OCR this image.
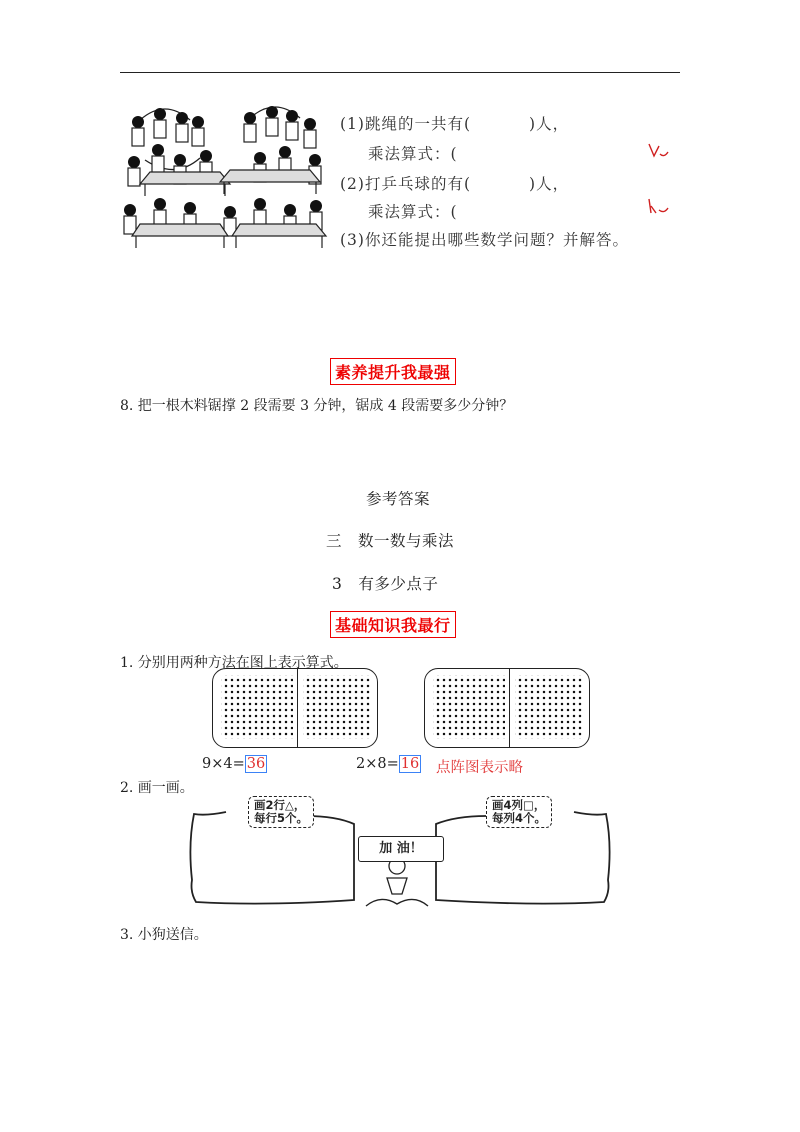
(1)跳绳的一共有(	)人，
乘法算式：(
(2)打乒乓球的有(	)人，
乘法算式：(
(3)你还能提出哪些数学问题？并解答。
素养提升我最强
8. 把一根木料锯撑 2 段需要 3 分钟，锯成 4 段需要多少分钟？
参考答案
三　数一数与乘法
3　有多少点子
基础知识我最行
1. 分别用两种方法在图上表示算式。
9×4= 36	2×8= 16 点阵图表示略
2. 画一画。
加 油！
画2行△，
每行5个。
画4列□，
每列4个。
3. 小狗送信。
